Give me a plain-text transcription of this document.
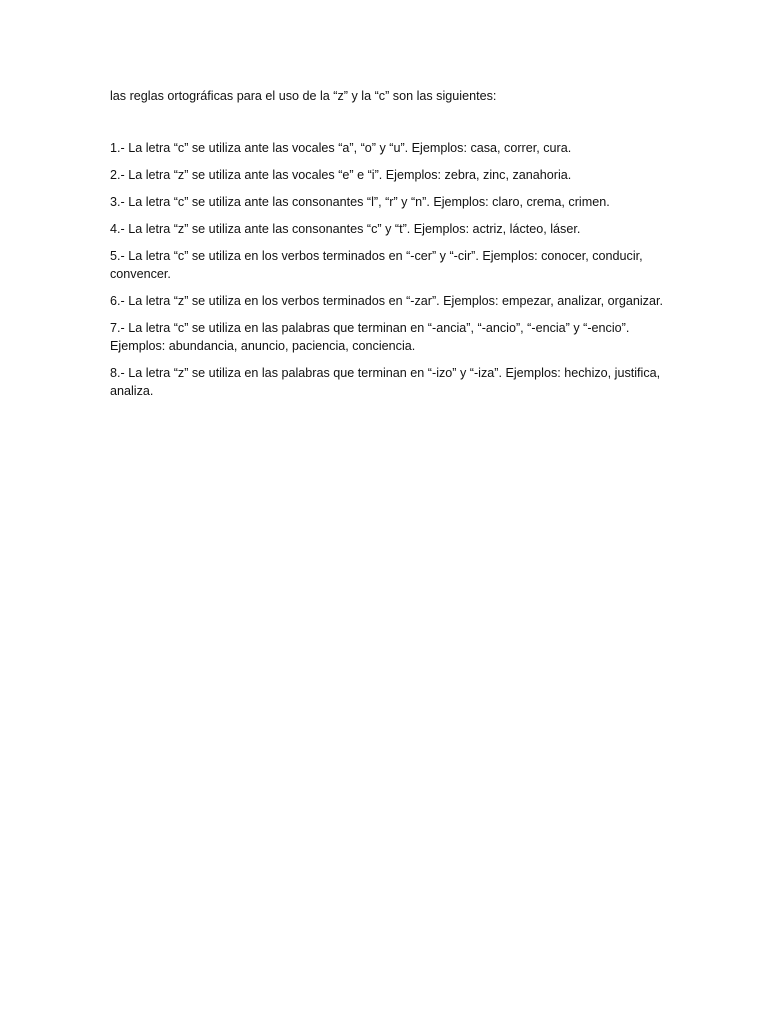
las reglas ortográficas para el uso de la “z” y la “c” son las siguientes:

1.- La letra “c” se utiliza ante las vocales “a”, “o” y “u”. Ejemplos: casa, correr, cura.

2.- La letra “z” se utiliza ante las vocales “e” e “i”. Ejemplos: zebra, zinc, zanahoria.

3.- La letra “c” se utiliza ante las consonantes “l”, “r” y “n”. Ejemplos: claro, crema, crimen.

4.- La letra “z” se utiliza ante las consonantes “c” y “t”. Ejemplos: actriz, lácteo, láser.

5.- La letra “c” se utiliza en los verbos terminados en “-cer” y “-cir”. Ejemplos: conocer, conducir, convencer.

6.- La letra “z” se utiliza en los verbos terminados en “-zar”. Ejemplos: empezar, analizar, organizar.

7.- La letra “c” se utiliza en las palabras que terminan en “-ancia”, “-ancio”, “-encia” y “-encio”. Ejemplos: abundancia, anuncio, paciencia, conciencia.

8.- La letra “z” se utiliza en las palabras que terminan en “-izo” y “-iza”. Ejemplos: hechizo, justifica, analiza.
